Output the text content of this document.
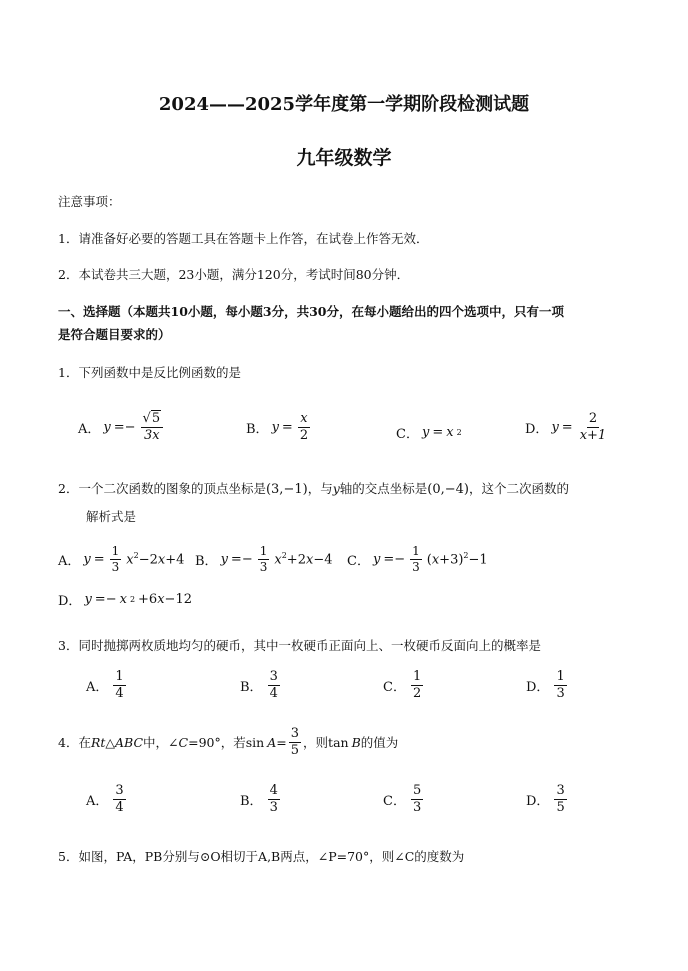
2024——2025学年度第一学期阶段检测试题
九年级数学
注意事项：
1．请准备好必要的答题工具在答题卡上作答，在试卷上作答无效．
2．本试卷共三大题，23小题，满分120分，考试时间80分钟．
一、选择题（本题共10小题，每小题3分，共30分，在每小题给出的四个选项中，只有一项
是符合题目要求的）
1．下列函数中是反比例函数的是
A． $y =- \frac{√5}{3x}$	B． $y = \frac{x}{2}$	C． y = x 2	D． $y = \frac{2}{x+1}$
2．一个二次函数的图象的顶点坐标是(3,−1)，与y轴的交点坐标是(0,−4)，这个二次函数的
解析式是
A． $y = \frac{1}{3} x^2-2x+4$ B． $y =- \frac{1}{3} x^2+2x-4$ C． $y =- \frac{1}{3} (x+3)^2-1$
D． y =− x 2 +6x−12
3．同时抛掷两枚质地均匀的硬币，其中一枚硬币正面向上、一枚硬币反面向上的概率是
A．
1
4	B．
3
4	C．
1
2	D．
1
3
4．在 Rt △ ABC 中， ∠ C =90° ，若 $\sin A = \frac{3}{5}$ ，则 tan B 的值为
A．
3
4	B．
4
3	C．
5
3	D．
3
5
5．如图，PA，PB分别与⊙O相切于A,B两点，∠P=70°，则∠C的度数为
